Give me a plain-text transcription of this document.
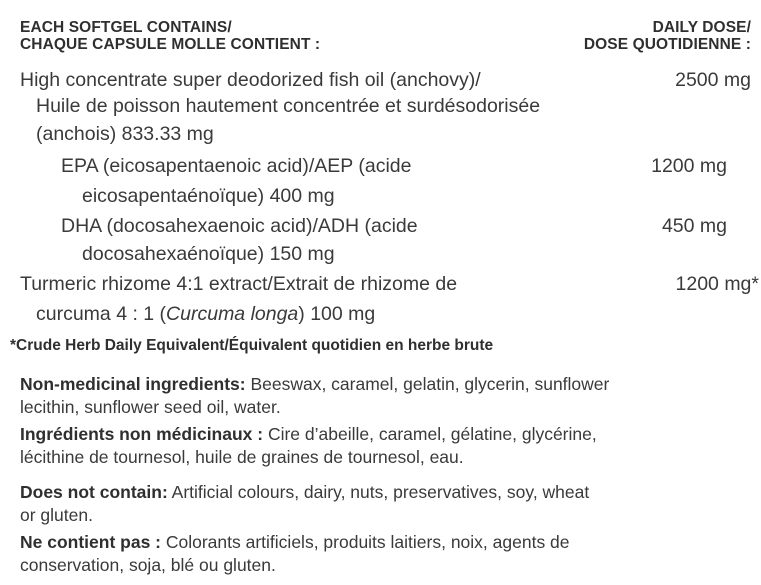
EACH SOFTGEL CONTAINS/
CHAQUE CAPSULE MOLLE CONTIENT :
DAILY DOSE/
DOSE QUOTIDIENNE :
High concentrate super deodorized fish oil (anchovy)/
Huile de poisson hautement concentrée et surdésodorisée
(anchois) 833.33 mg
2500 mg
EPA (eicosapentaenoic acid)/AEP (acide
eicosapentaénoïque) 400 mg
1200 mg
DHA (docosahexaenoic acid)/ADH (acide
docosahexaénoïque) 150 mg
450 mg
Turmeric rhizome 4:1 extract/Extrait de rhizome de
curcuma 4 : 1 (Curcuma longa) 100 mg
1200 mg*
*Crude Herb Daily Equivalent/Équivalent quotidien en herbe brute
Non-medicinal ingredients: Beeswax, caramel, gelatin, glycerin, sunflower
lecithin, sunflower seed oil, water.
Ingrédients non médicinaux : Cire d’abeille, caramel, gélatine, glycérine,
lécithine de tournesol, huile de graines de tournesol, eau.
Does not contain: Artificial colours, dairy, nuts, preservatives, soy, wheat
or gluten.
Ne contient pas : Colorants artificiels, produits laitiers, noix, agents de
conservation, soja, blé ou gluten.
